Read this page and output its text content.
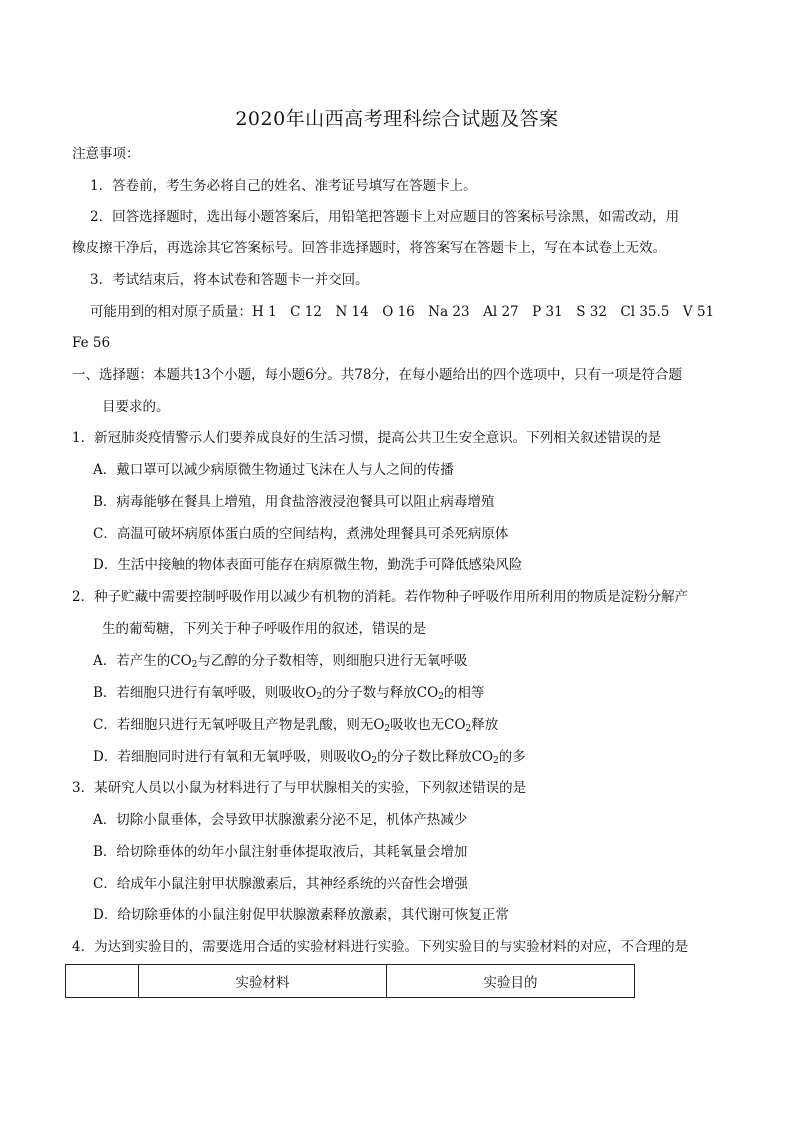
2020年山西高考理科综合试题及答案
注意事项：
1．答卷前，考生务必将自己的姓名、准考证号填写在答题卡上。
2．回答选择题时，选出每小题答案后，用铅笔把答题卡上对应题目的答案标号涂黑，如需改动，用
橡皮擦干净后，再选涂其它答案标号。回答非选择题时，将答案写在答题卡上，写在本试卷上无效。
3．考试结束后，将本试卷和答题卡一并交回。
可能用到的相对原子质量：H 1　C 12　N 14　O 16　Na 23　Al 27　P 31　S 32　Cl 35.5　V 51
Fe 56
一、选择题：本题共13个小题，每小题6分。共78分，在每小题给出的四个选项中，只有一项是符合题
目要求的。
1．新冠肺炎疫情警示人们要养成良好的生活习惯，提高公共卫生安全意识。下列相关叙述错误的是
A．戴口罩可以减少病原微生物通过飞沫在人与人之间的传播
B．病毒能够在餐具上增殖，用食盐溶液浸泡餐具可以阻止病毒增殖
C．高温可破坏病原体蛋白质的空间结构，煮沸处理餐具可杀死病原体
D．生活中接触的物体表面可能存在病原微生物，勤洗手可降低感染风险
2．种子贮藏中需要控制呼吸作用以减少有机物的消耗。若作物种子呼吸作用所利用的物质是淀粉分解产
生的葡萄糖，下列关于种子呼吸作用的叙述，错误的是
A．若产生的$CO_2$与乙醇的分子数相等，则细胞只进行无氧呼吸
B．若细胞只进行有氧呼吸，则吸收$O_2$的分子数与释放$CO_2$的相等
C．若细胞只进行无氧呼吸且产物是乳酸，则无$O_2$吸收也无$CO_2$释放
D．若细胞同时进行有氧和无氧呼吸，则吸收$O_2$的分子数比释放$CO_2$的多
3．某研究人员以小鼠为材料进行了与甲状腺相关的实验，下列叙述错误的是
A．切除小鼠垂体，会导致甲状腺激素分泌不足，机体产热减少
B．给切除垂体的幼年小鼠注射垂体提取液后，其耗氧量会增加
C．给成年小鼠注射甲状腺激素后，其神经系统的兴奋性会增强
D．给切除垂体的小鼠注射促甲状腺激素释放激素，其代谢可恢复正常
4．为达到实验目的，需要选用合适的实验材料进行实验。下列实验目的与实验材料的对应，不合理的是
	实验材料	实验目的
